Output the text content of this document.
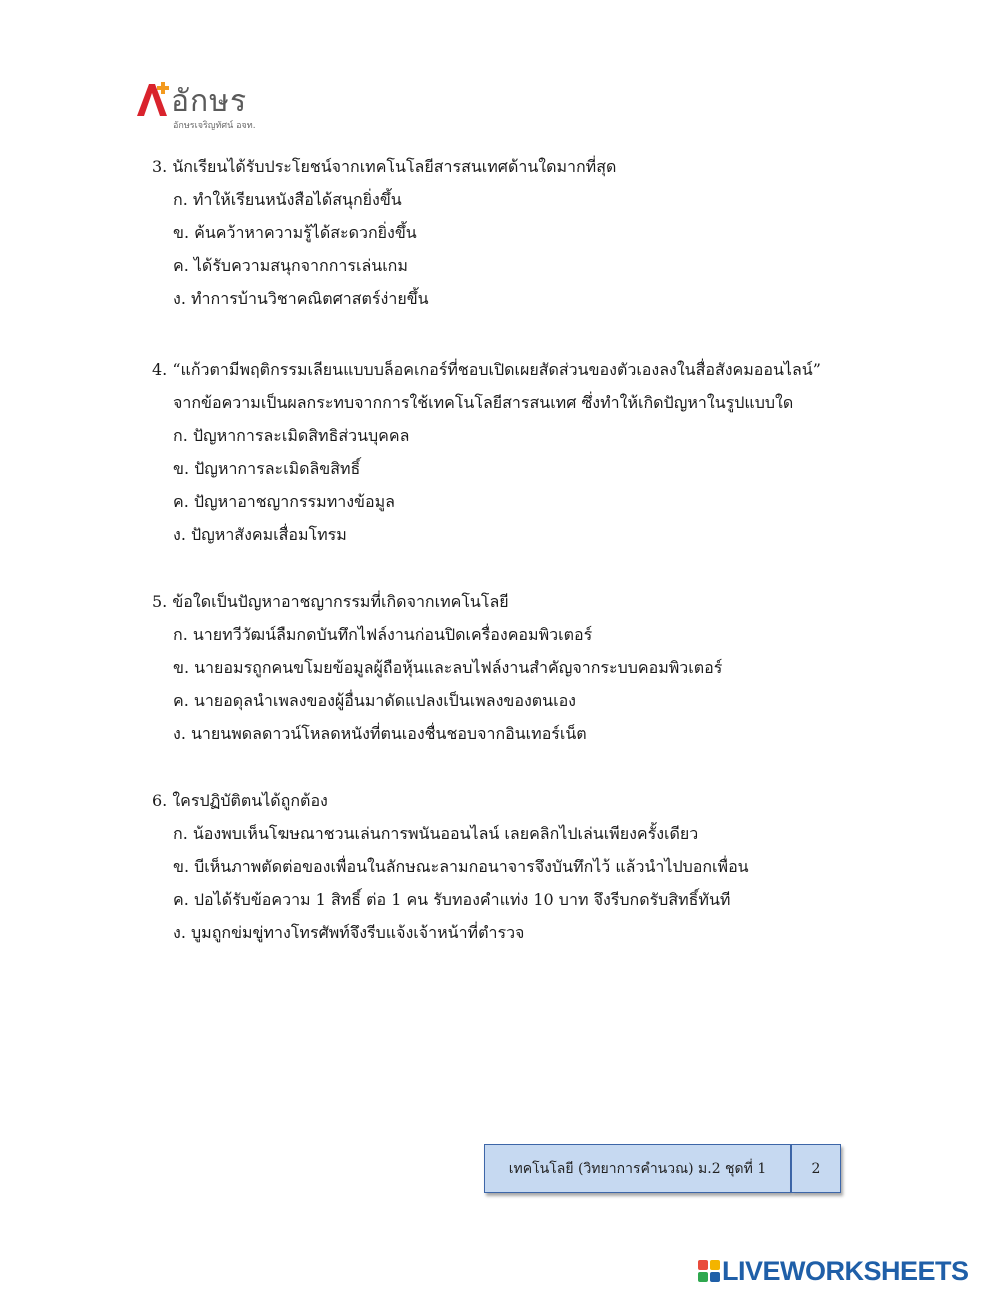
อักษร
อักษรเจริญทัศน์ อจท.
3. นักเรียนได้รับประโยชน์จากเทคโนโลยีสารสนเทศด้านใดมากที่สุด
ก. ทำให้เรียนหนังสือได้สนุกยิ่งขึ้น
ข. ค้นคว้าหาความรู้ได้สะดวกยิ่งขึ้น
ค. ได้รับความสนุกจากการเล่นเกม
ง. ทำการบ้านวิชาคณิตศาสตร์ง่ายขึ้น
4. “แก้วตามีพฤติกรรมเลียนแบบบล็อคเกอร์ที่ชอบเปิดเผยสัดส่วนของตัวเองลงในสื่อสังคมออนไลน์”
จากข้อความเป็นผลกระทบจากการใช้เทคโนโลยีสารสนเทศ ซึ่งทำให้เกิดปัญหาในรูปแบบใด
ก. ปัญหาการละเมิดสิทธิส่วนบุคคล
ข. ปัญหาการละเมิดลิขสิทธิ์
ค. ปัญหาอาชญากรรมทางข้อมูล
ง. ปัญหาสังคมเสื่อมโทรม
5. ข้อใดเป็นปัญหาอาชญากรรมที่เกิดจากเทคโนโลยี
ก. นายทวีวัฒน์ลืมกดบันทึกไฟล์งานก่อนปิดเครื่องคอมพิวเตอร์
ข. นายอมรถูกคนขโมยข้อมูลผู้ถือหุ้นและลบไฟล์งานสำคัญจากระบบคอมพิวเตอร์
ค. นายอดุลนำเพลงของผู้อื่นมาดัดแปลงเป็นเพลงของตนเอง
ง. นายนพดลดาวน์โหลดหนังที่ตนเองชื่นชอบจากอินเทอร์เน็ต
6. ใครปฏิบัติตนได้ถูกต้อง
ก. น้องพบเห็นโฆษณาชวนเล่นการพนันออนไลน์ เลยคลิกไปเล่นเพียงครั้งเดียว
ข. บีเห็นภาพตัดต่อของเพื่อนในลักษณะลามกอนาจารจึงบันทึกไว้ แล้วนำไปบอกเพื่อน
ค. ปอได้รับข้อความ 1 สิทธิ์ ต่อ 1 คน รับทองคำแท่ง 10 บาท จึงรีบกดรับสิทธิ์ทันที
ง. บูมถูกข่มขู่ทางโทรศัพท์จึงรีบแจ้งเจ้าหน้าที่ตำรวจ
เทคโนโลยี (วิทยาการคำนวณ) ม.2 ชุดที่ 1	2
LIVEWORKSHEETS
